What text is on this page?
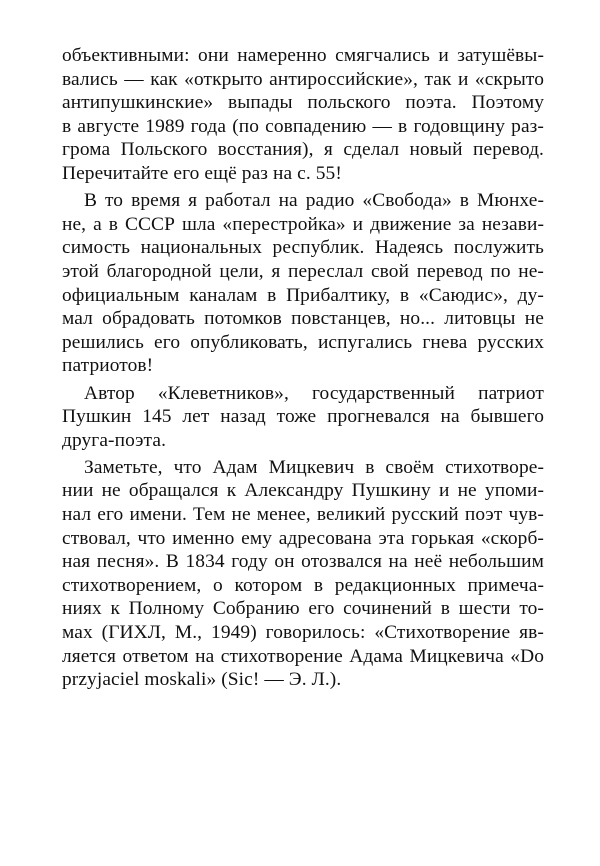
объективными: они намеренно смягчались и затушёвы-
вались — как «открыто антироссийские», так и «скрыто
антипушкинские» выпады польского поэта. Поэтому
в августе 1989 года (по совпадению — в годовщину раз-
грома Польского восстания), я сделал новый перевод.
Перечитайте его ещё раз на с. 55!
В то время я работал на радио «Свобода» в Мюнхе-
не, а в СССР шла «перестройка» и движение за незави-
симость национальных республик. Надеясь послужить
этой благородной цели, я переслал свой перевод по не-
официальным каналам в Прибалтику, в «Саюдис», ду-
мал обрадовать потомков повстанцев, но... литовцы не
решились его опубликовать, испугались гнева русских
патриотов!
Автор «Клеветников», государственный патриот
Пушкин 145 лет назад тоже прогневался на бывшего
друга-поэта.
Заметьте, что Адам Мицкевич в своём стихотворе-
нии не обращался к Александру Пушкину и не упоми-
нал его имени. Тем не менее, великий русский поэт чув-
ствовал, что именно ему адресована эта горькая «скорб-
ная песня». В 1834 году он отозвался на неё небольшим
стихотворением, о котором в редакционных примеча-
ниях к Полному Собранию его сочинений в шести то-
мах (ГИХЛ, М., 1949) говорилось: «Стихотворение яв-
ляется ответом на стихотворение Адама Мицкевича «Do
przyjaciel moskali» (Sic! — Э. Л.).
